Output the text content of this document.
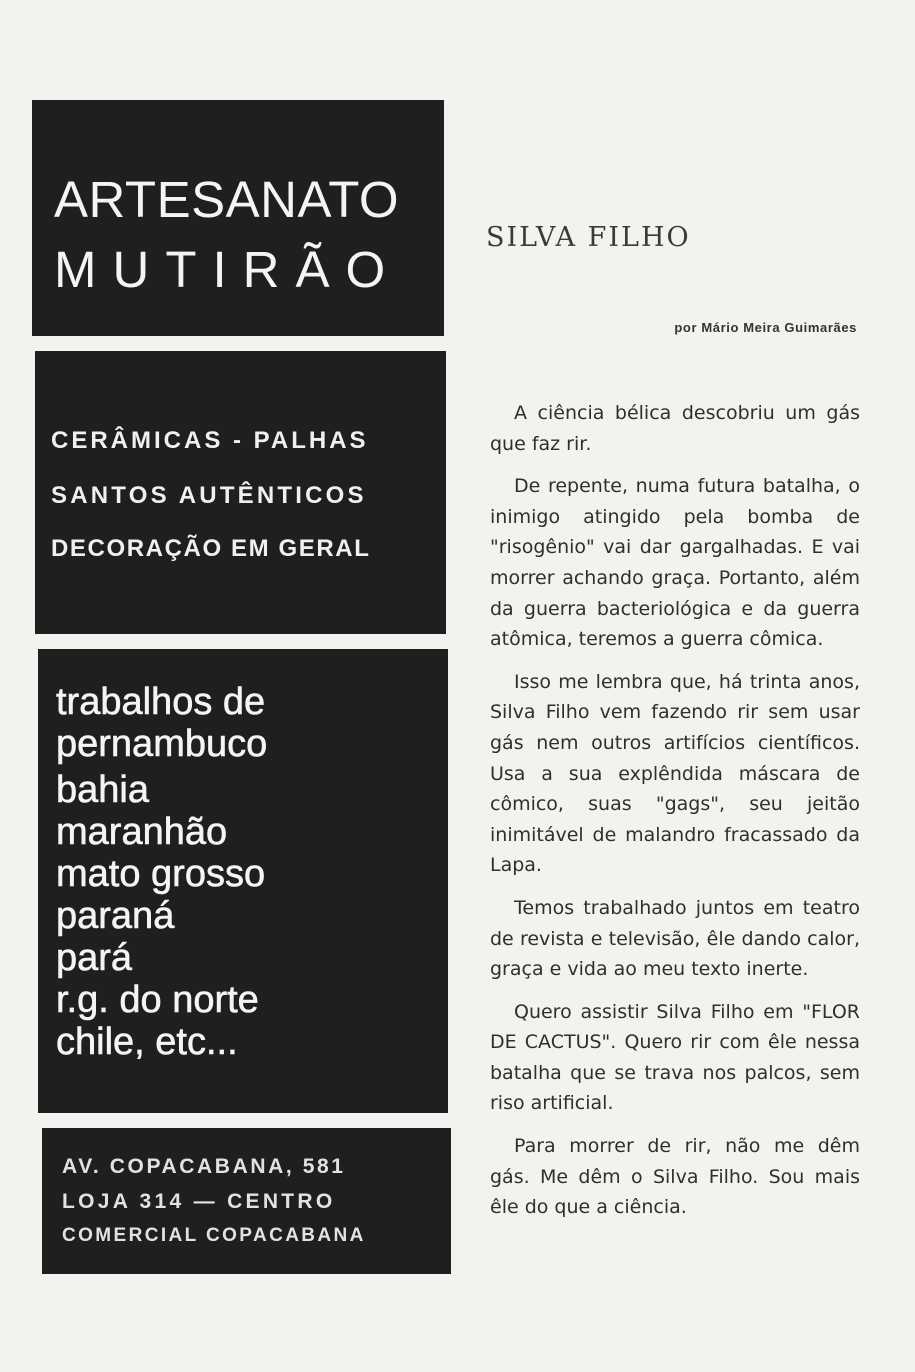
ARTESANATO
MUTIRÃO
CERÂMICAS - PALHAS
SANTOS AUTÊNTICOS
DECORAÇÃO EM GERAL
trabalhos de
pernambuco
bahia
maranhão
mato grosso
paraná
pará
r.g. do norte
chile, etc...
AV. COPACABANA, 581
LOJA 314 — CENTRO
COMERCIAL COPACABANA
SILVA FILHO
por Mário Meira Guimarães

A ciência bélica descobriu um gás que faz rir.

De repente, numa futura batalha, o inimigo atingido pela bomba de "risogênio" vai dar gargalhadas. E vai morrer achando graça. Portanto, além da guerra bacteriológica e da guerra atômica, teremos a guerra cômica.

Isso me lembra que, há trinta anos, Silva Filho vem fazendo rir sem usar gás nem outros artifícios científicos. Usa a sua explêndida máscara de cômico, suas "gags", seu jeitão inimitável de malandro fracassado da Lapa.

Temos trabalhado juntos em teatro de revista e televisão, êle dando calor, graça e vida ao meu texto inerte.

Quero assistir Silva Filho em "FLOR DE CACTUS". Quero rir com êle nessa batalha que se trava nos palcos, sem riso artificial.

Para morrer de rir, não me dêm gás. Me dêm o Silva Filho. Sou mais êle do que a ciência.
